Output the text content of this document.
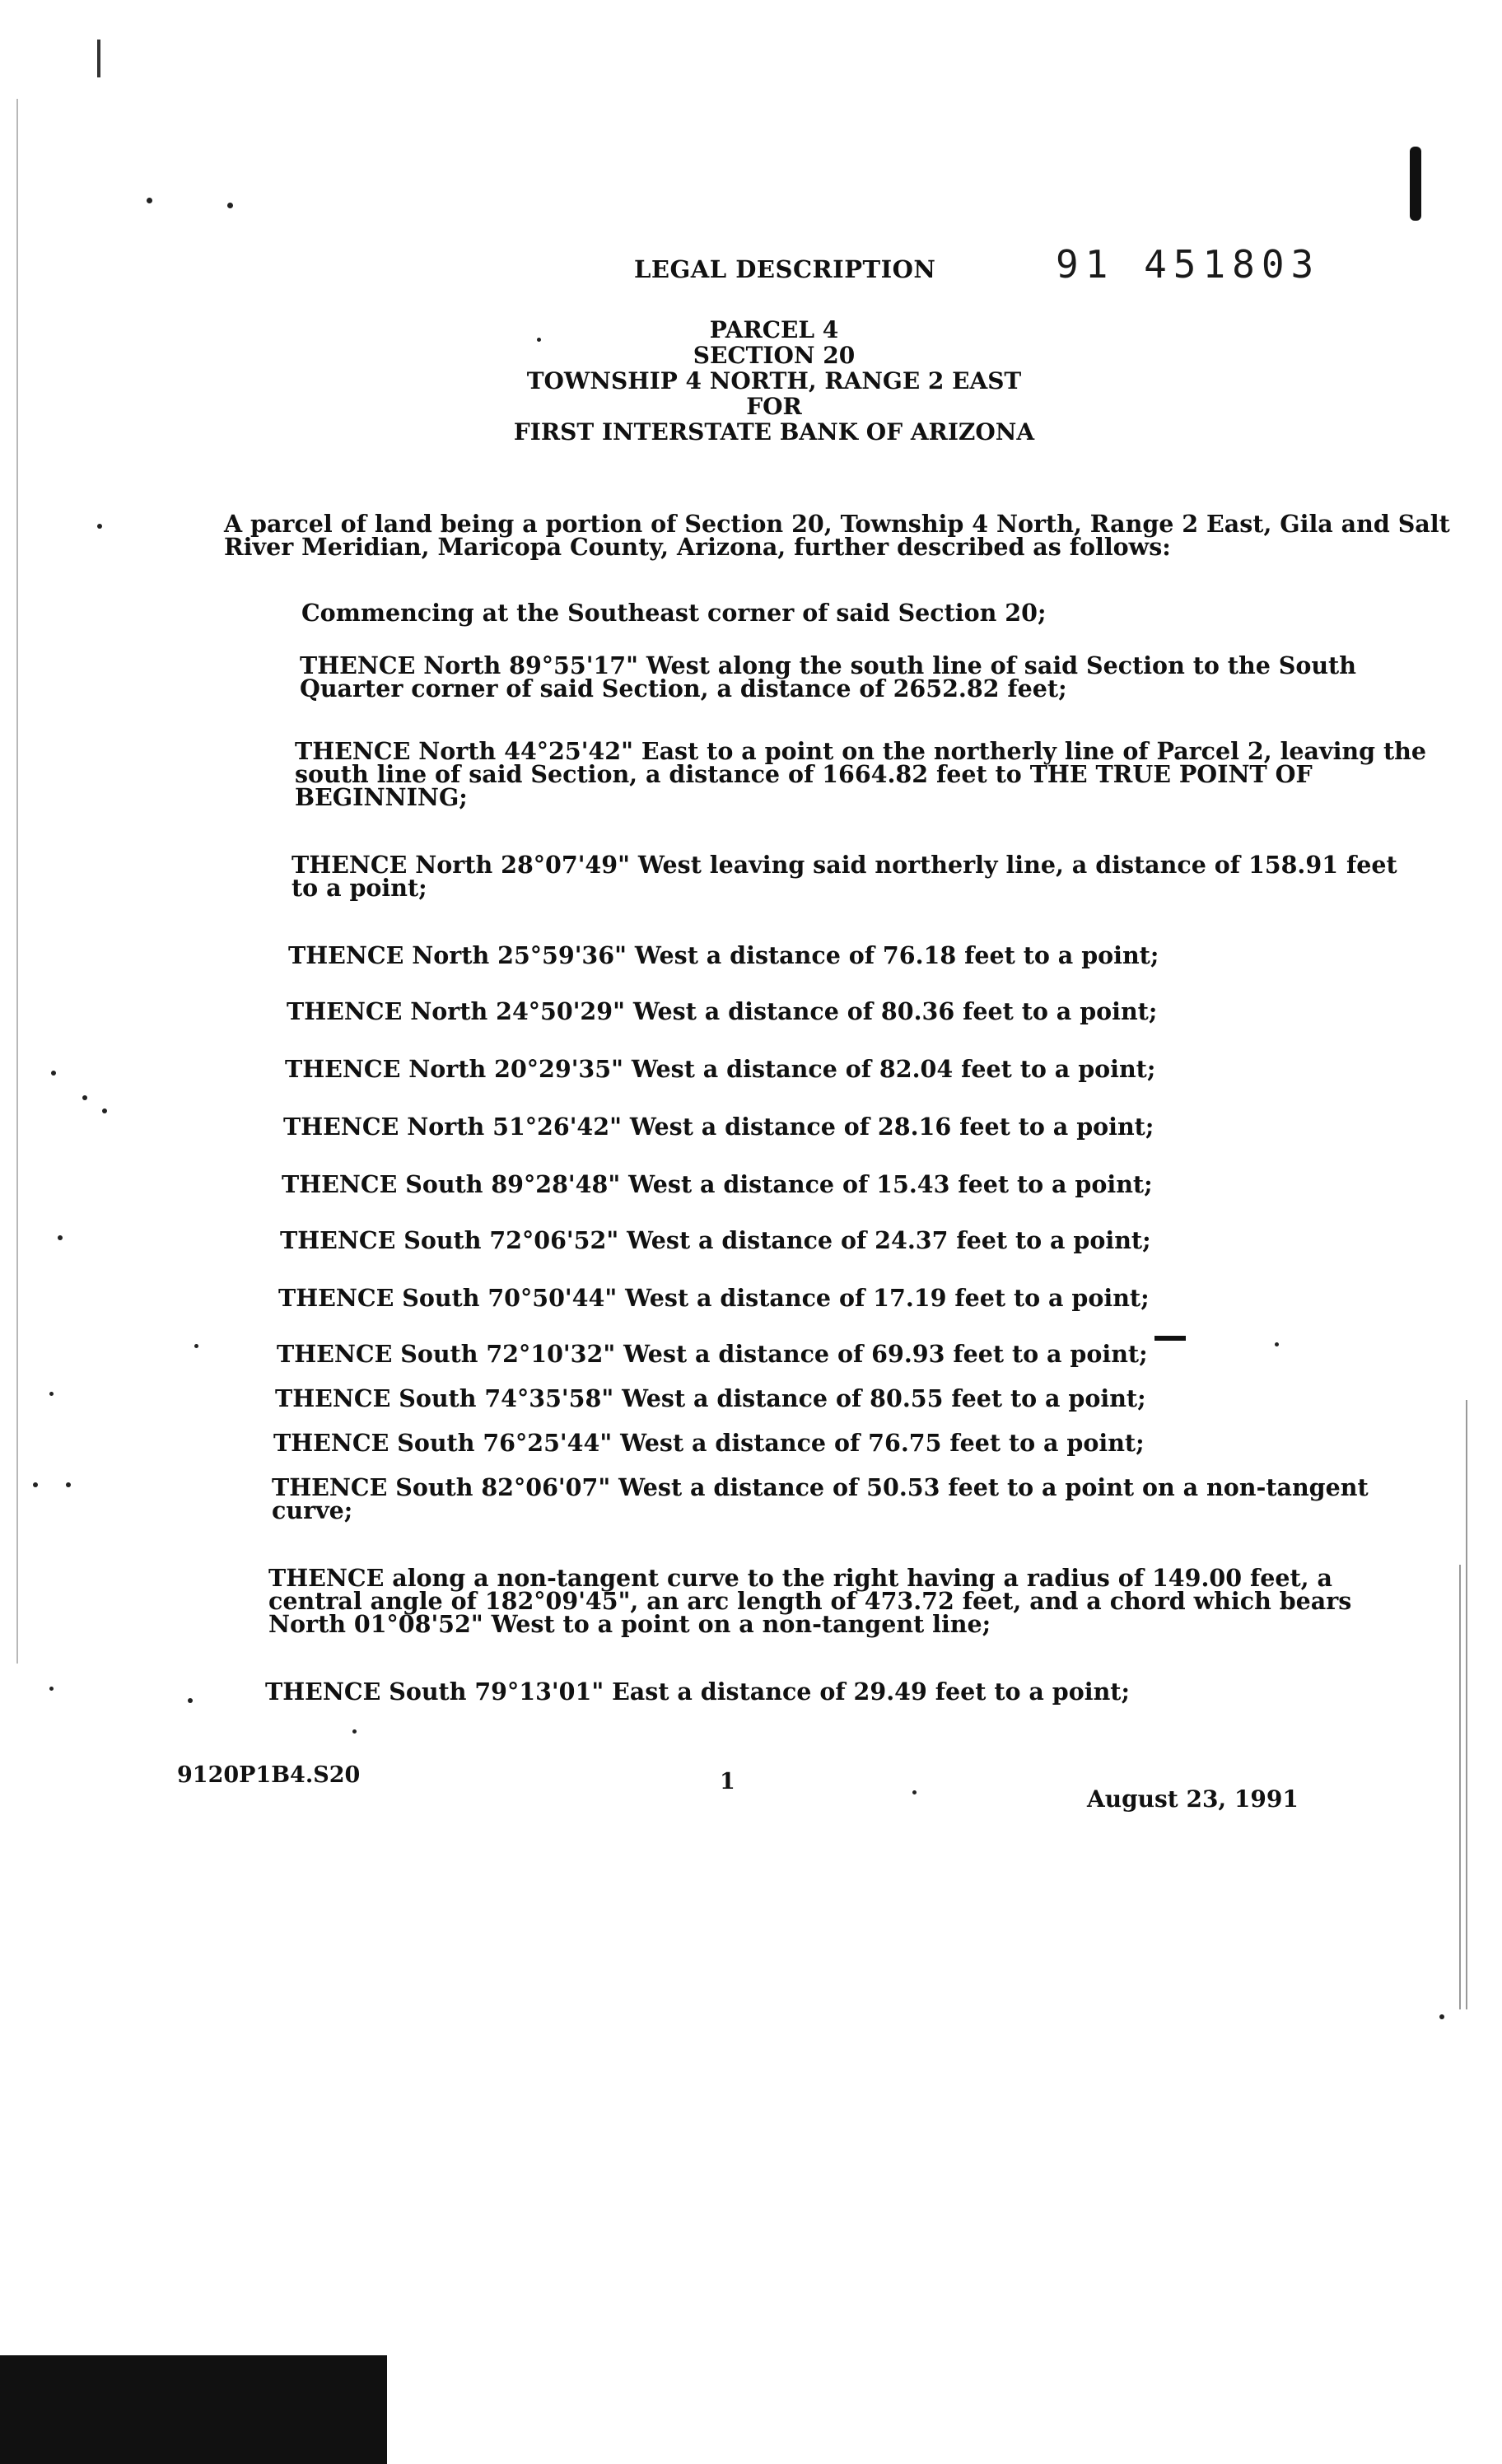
LEGAL DESCRIPTION	91 451803
PARCEL 4
SECTION 20
TOWNSHIP 4 NORTH, RANGE 2 EAST
FOR
FIRST INTERSTATE BANK OF ARIZONA
A parcel of land being a portion of Section 20, Township 4 North, Range 2 East, Gila and Salt
River Meridian, Maricopa County, Arizona, further described as follows:
Commencing at the Southeast corner of said Section 20;
THENCE North 89°55'17" West along the south line of said Section to the South
Quarter corner of said Section, a distance of 2652.82 feet;
THENCE North 44°25'42" East to a point on the northerly line of Parcel 2, leaving the
south line of said Section, a distance of 1664.82 feet to THE TRUE POINT OF
BEGINNING;
THENCE North 28°07'49" West leaving said northerly line, a distance of 158.91 feet
to a point;
THENCE North 25°59'36" West a distance of 76.18 feet to a point;
THENCE North 24°50'29" West a distance of 80.36 feet to a point;
THENCE North 20°29'35" West a distance of 82.04 feet to a point;
THENCE North 51°26'42" West a distance of 28.16 feet to a point;
THENCE South 89°28'48" West a distance of 15.43 feet to a point;
THENCE South 72°06'52" West a distance of 24.37 feet to a point;
THENCE South 70°50'44" West a distance of 17.19 feet to a point;
THENCE South 72°10'32" West a distance of 69.93 feet to a point;
THENCE South 74°35'58" West a distance of 80.55 feet to a point;
THENCE South 76°25'44" West a distance of 76.75 feet to a point;
THENCE South 82°06'07" West a distance of 50.53 feet to a point on a non-tangent
curve;
THENCE along a non-tangent curve to the right having a radius of 149.00 feet, a
central angle of 182°09'45", an arc length of 473.72 feet, and a chord which bears
North 01°08'52" West to a point on a non-tangent line;
THENCE South 79°13'01" East a distance of 29.49 feet to a point;
9120P1B4.S20	1
August 23, 1991
